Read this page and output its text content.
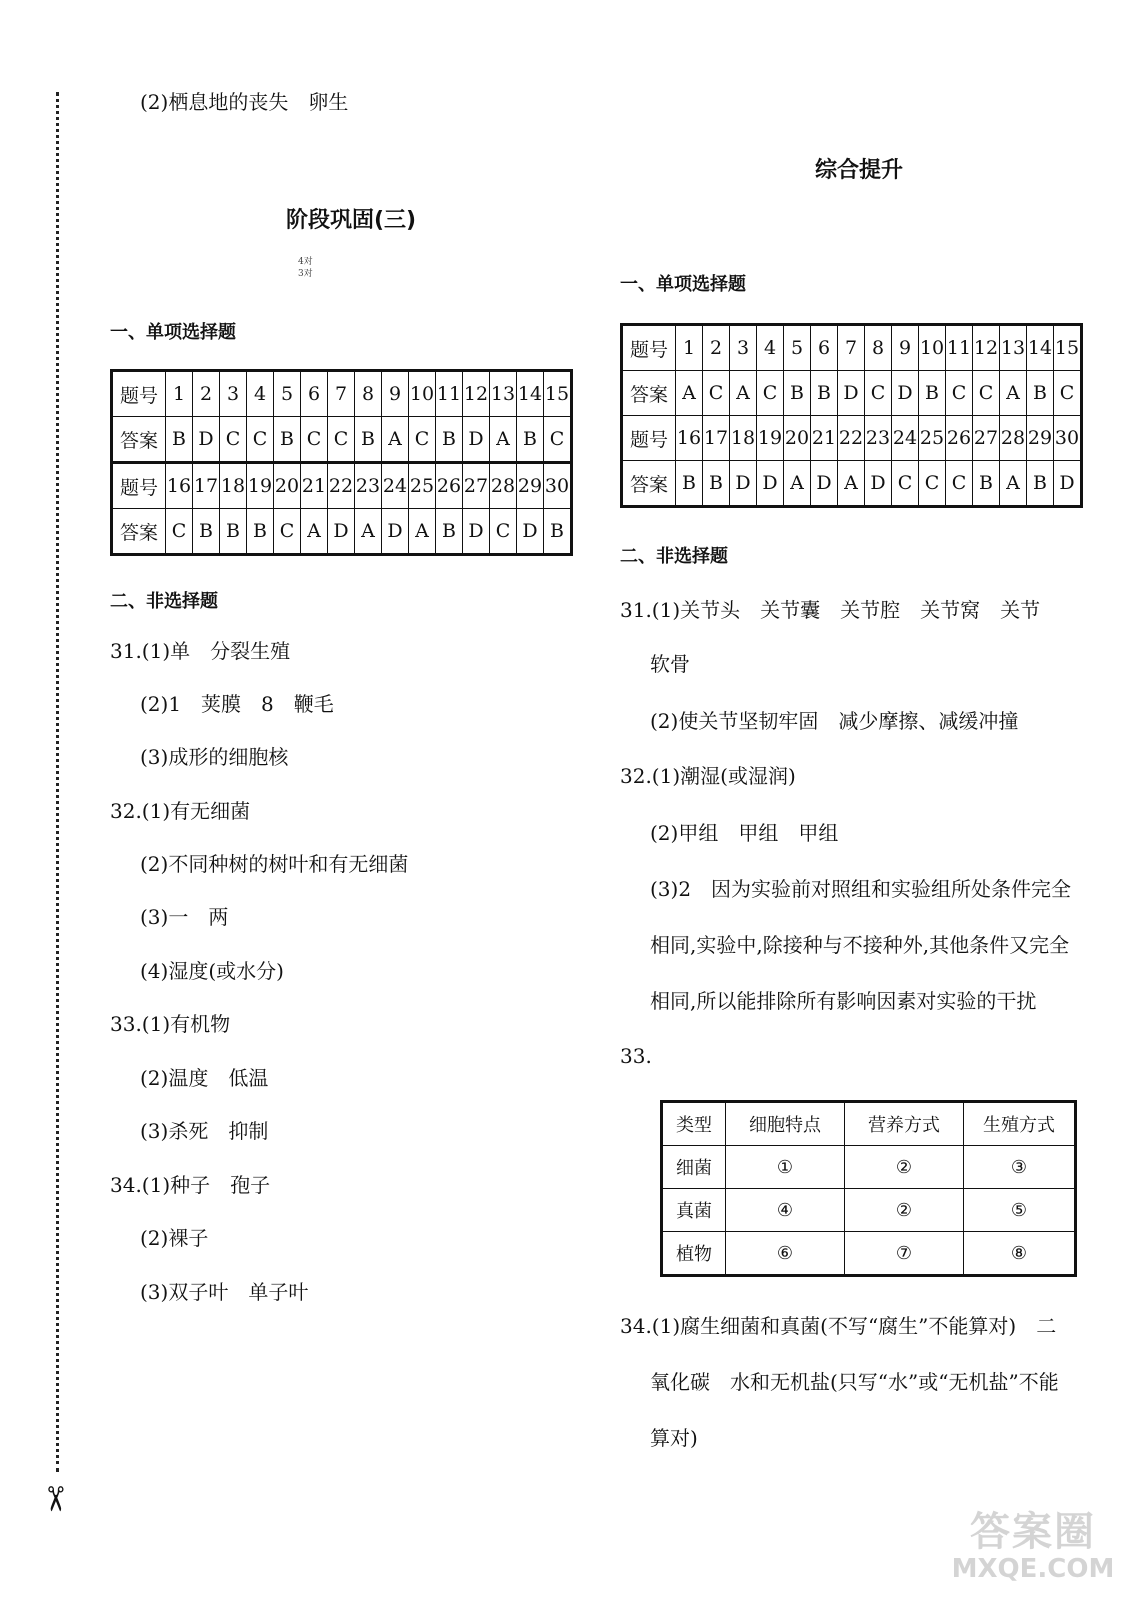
✂
(2)栖息地的丧失　卵生
阶段巩固(三)
4对
3对
一、单项选择题
题号	1	2	3	4	5	6	7	8	9	10	11	12	13	14	15
答案	B	D	C	C	B	C	C	B	A	C	B	D	A	B	C
题号	16	17	18	19	20	21	22	23	24	25	26	27	28	29	30
答案	C	B	B	B	C	A	D	A	D	A	B	D	C	D	B
二、非选择题
31.(1)单　分裂生殖
(2)1　荚膜　8　鞭毛
(3)成形的细胞核
32.(1)有无细菌
(2)不同种树的树叶和有无细菌
(3)一　两
(4)湿度(或水分)
33.(1)有机物
(2)温度　低温
(3)杀死　抑制
34.(1)种子　孢子
(2)裸子
(3)双子叶　单子叶
综合提升
一、单项选择题
题号	1	2	3	4	5	6	7	8	9	10	11	12	13	14	15
答案	A	C	A	C	B	B	D	C	D	B	C	C	A	B	C
题号	16	17	18	19	20	21	22	23	24	25	26	27	28	29	30
答案	B	B	D	D	A	D	A	D	C	C	C	B	A	B	D
二、非选择题
31.(1)关节头　关节囊　关节腔　关节窝　关节
软骨
(2)使关节坚韧牢固　减少摩擦、减缓冲撞
32.(1)潮湿(或湿润)
(2)甲组　甲组　甲组
(3)2　因为实验前对照组和实验组所处条件完全
相同,实验中,除接种与不接种外,其他条件又完全
相同,所以能排除所有影响因素对实验的干扰
33.
类型	细胞特点	营养方式	生殖方式
细菌	①	②	③
真菌	④	②	⑤
植物	⑥	⑦	⑧
34.(1)腐生细菌和真菌(不写“腐生”不能算对)　二
氧化碳　水和无机盐(只写“水”或“无机盐”不能
算对)
答案圈
MXQE.COM
